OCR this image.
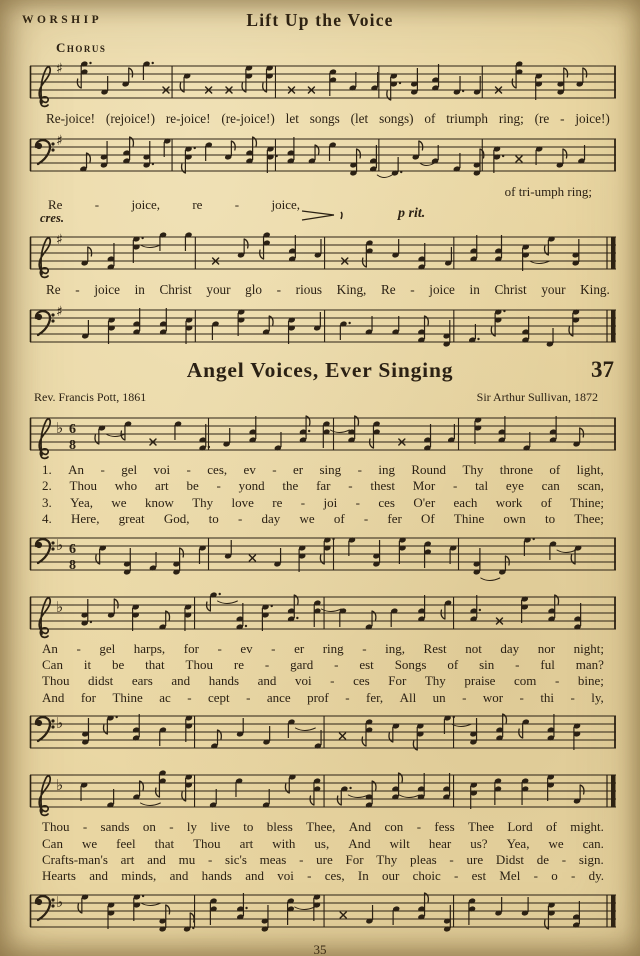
WORSHIP	Lift Up the Voice
Chorus
♯
Re-joice! (rejoice!) re-joice! (re-joice!) let songs (let songs) of triumph ring; (re - joice!)
♯
of tri-umph ring;
Re - joice, re - joice,
cres.	p rit.
♯
Re - joice in Christ your glo - rious King, Re - joice in Christ your King.
♯
Angel Voices, Ever Singing	37
Rev. Francis Pott, 1861	Sir Arthur Sullivan, 1872
♭ 6
8
1. An - gel voi - ces, ev - er sing - ing Round Thy throne of light,
2. Thou who art be - yond the far - thest Mor - tal eye can scan,
3. Yea, we know Thy love re - joi - ces O'er each work of Thine;
4. Here, great God, to - day we of - fer Of Thine own to Thee;
♭ 6
8
♭
An - gel harps, for - ev - er ring - ing, Rest not day nor night;
Can it be that Thou re - gard - est Songs of sin - ful man?
Thou didst ears and hands and voi - ces For Thy praise com - bine;
And for Thine ac - cept - ance prof - fer, All un - wor - thi - ly,
♭
♭
Thou - sands on - ly live to bless Thee, And con - fess Thee Lord of might.
Can we feel that Thou art with us, And wilt hear us? Yea, we can.
Crafts-man's art and mu - sic's meas - ure For Thy pleas - ure Didst de - sign.
Hearts and minds, and hands and voi - ces, In our choic - est Mel - o - dy.
♭
35
